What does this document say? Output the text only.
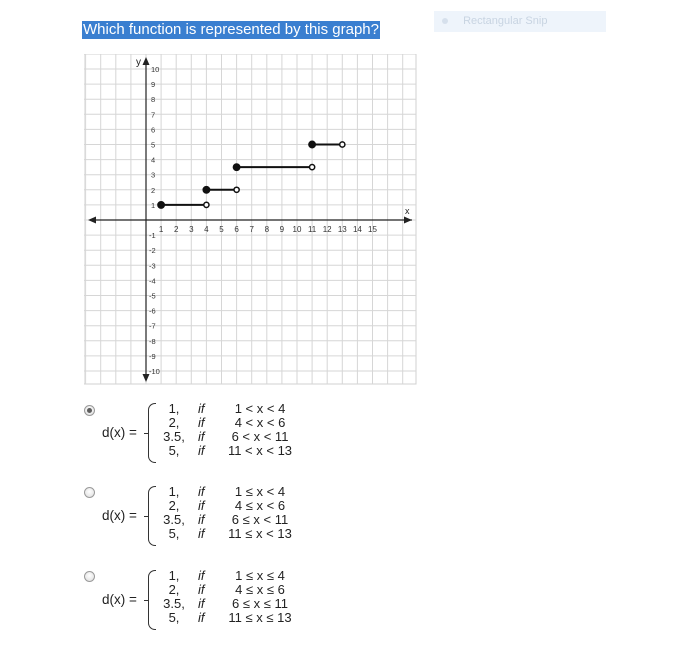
Which function is represented by this graph?	Rectangular Snip
x
y
1 2 3 4 5 6 7 8 9 10 11 12 13 14 15
1
2
3
4
5
6
7
8
9
10
-1
-2
-3
-4
-5
-6
-7
-8
-9
-10
d(x) =
1,	if	1 < x < 4
2,	if	4 < x < 6
3.5,	if	6 < x < 11
5,	if	11 < x < 13
d(x) =
1,	if	1 ≤ x < 4
2,	if	4 ≤ x < 6
3.5,	if	6 ≤ x < 11
5,	if	11 ≤ x < 13
d(x) =
1,	if	1 ≤ x ≤ 4
2,	if	4 ≤ x ≤ 6
3.5,	if	6 ≤ x ≤ 11
5,	if	11 ≤ x ≤ 13
